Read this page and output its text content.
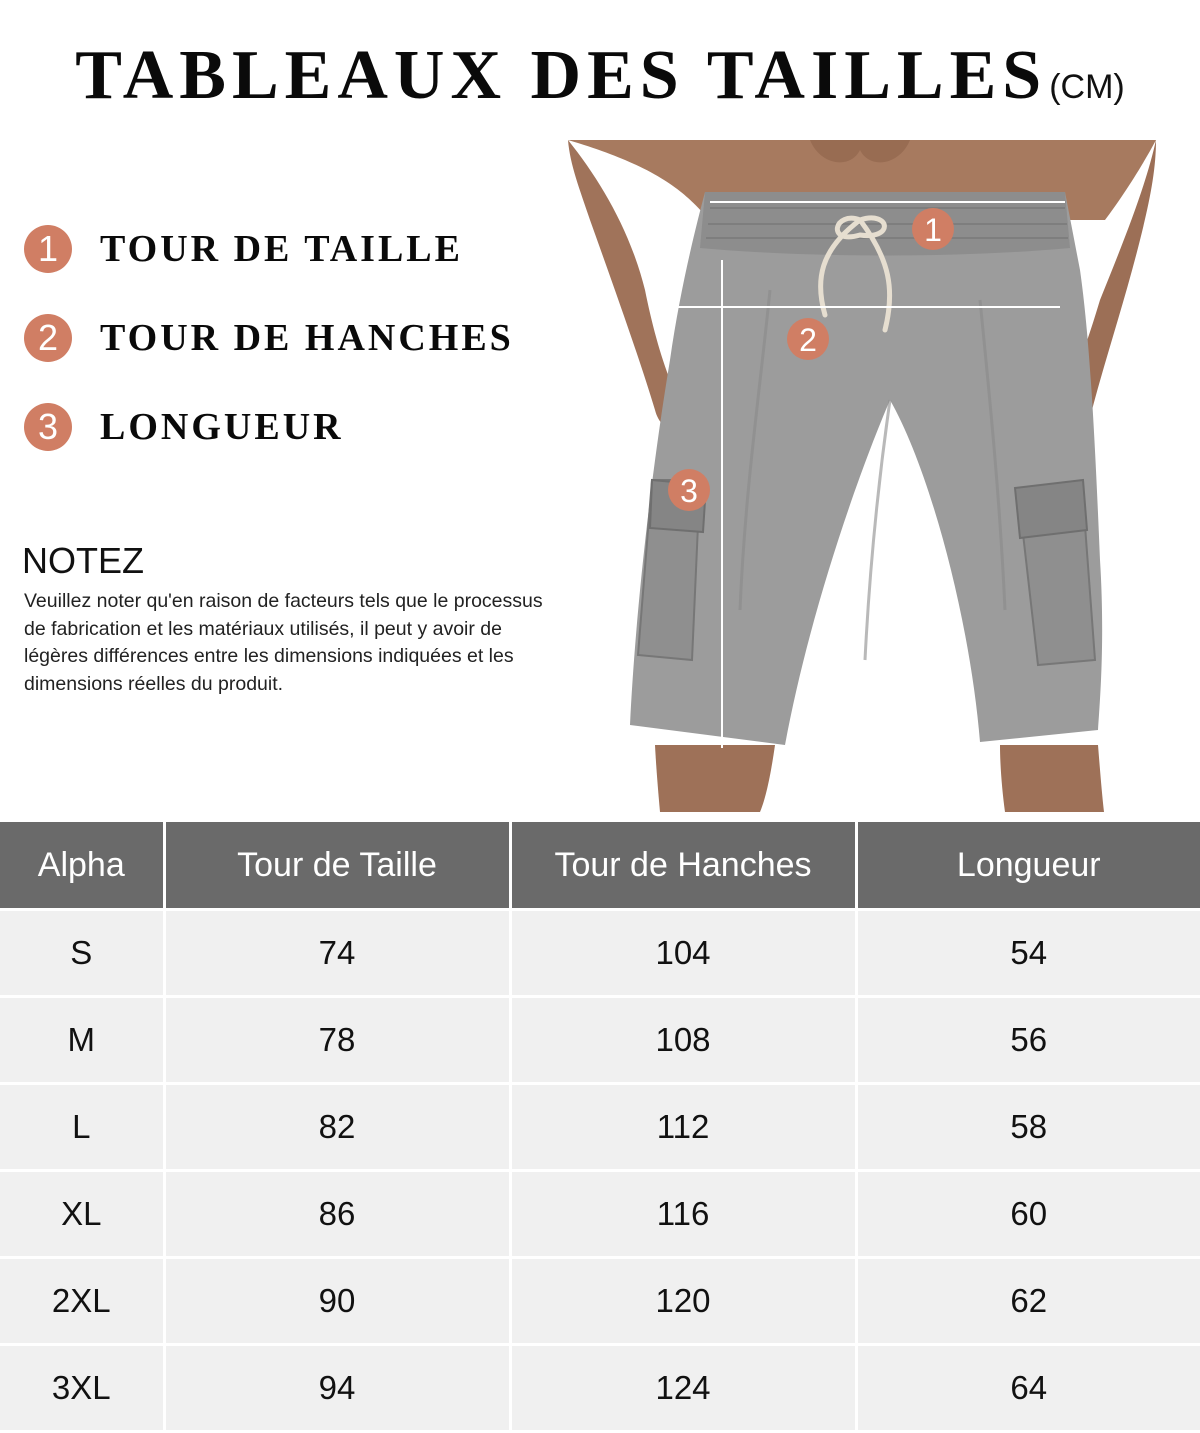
TABLEAUX DES TAILLES(CM)
1	TOUR DE TAILLE
2	TOUR DE HANCHES
3	LONGUEUR
NOTEZ
Veuillez noter qu'en raison de facteurs tels que le processus
de fabrication et les matériaux utilisés, il peut y avoir de
légères différences entre les dimensions indiquées et les
dimensions réelles du produit.
1
2
3
Alpha	Tour de Taille	Tour de Hanches	Longueur
S	74	104	54
M	78	108	56
L	82	112	58
XL	86	116	60
2XL	90	120	62
3XL	94	124	64
